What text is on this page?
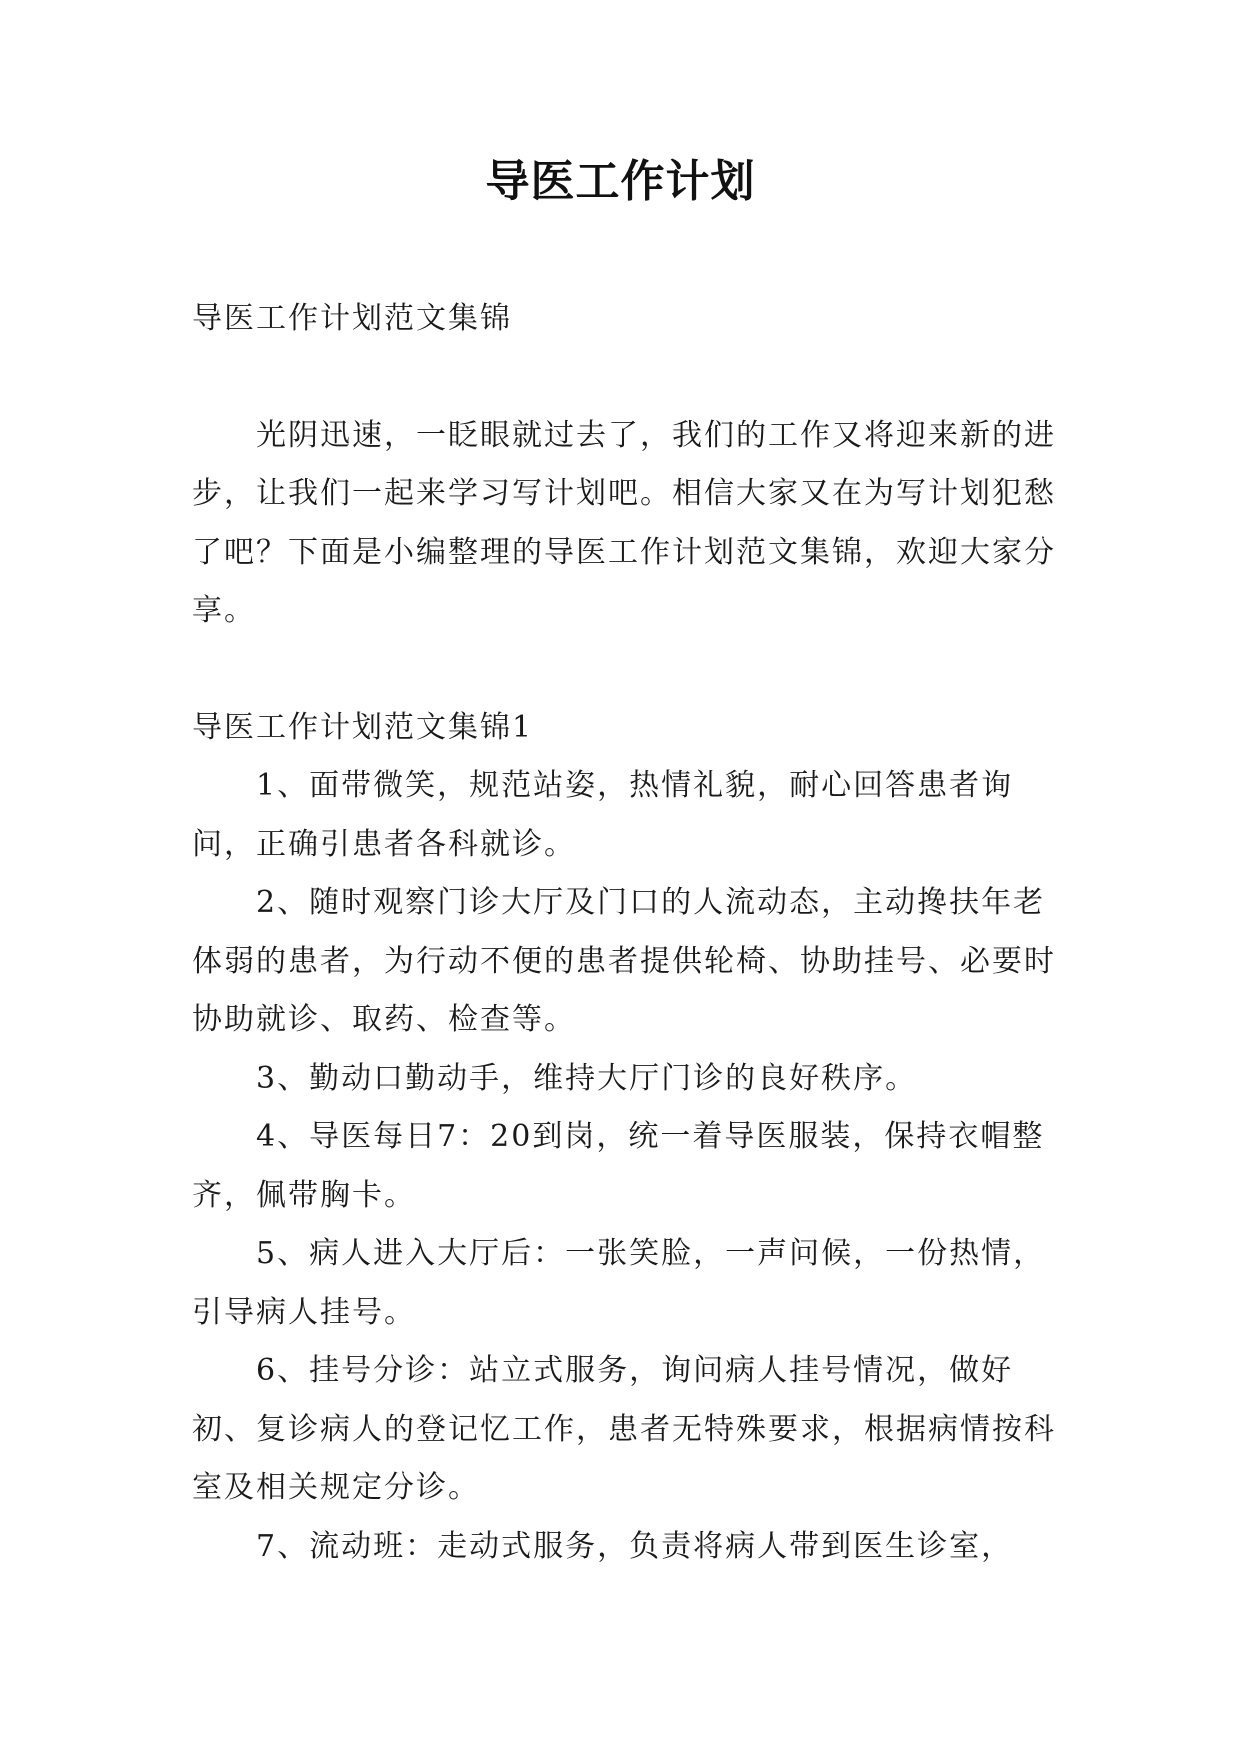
导医工作计划

导医工作计划范文集锦

光阴迅速，一眨眼就过去了，我们的工作又将迎来新的进步，让我们一起来学习写计划吧。相信大家又在为写计划犯愁了吧？下面是小编整理的导医工作计划范文集锦，欢迎大家分享。

导医工作计划范文集锦1

1、面带微笑，规范站姿，热情礼貌，耐心回答患者询问，正确引患者各科就诊。

2、随时观察门诊大厅及门口的人流动态，主动搀扶年老体弱的患者，为行动不便的患者提供轮椅、协助挂号、必要时协助就诊、取药、检查等。

3、勤动口勤动手，维持大厅门诊的良好秩序。

4、导医每日7：20到岗，统一着导医服装，保持衣帽整齐，佩带胸卡。

5、病人进入大厅后：一张笑脸，一声问候，一份热情，引导病人挂号。

6、挂号分诊：站立式服务，询问病人挂号情况，做好初、复诊病人的登记忆工作，患者无特殊要求，根据病情按科室及相关规定分诊。

7、流动班：走动式服务，负责将病人带到医生诊室，
